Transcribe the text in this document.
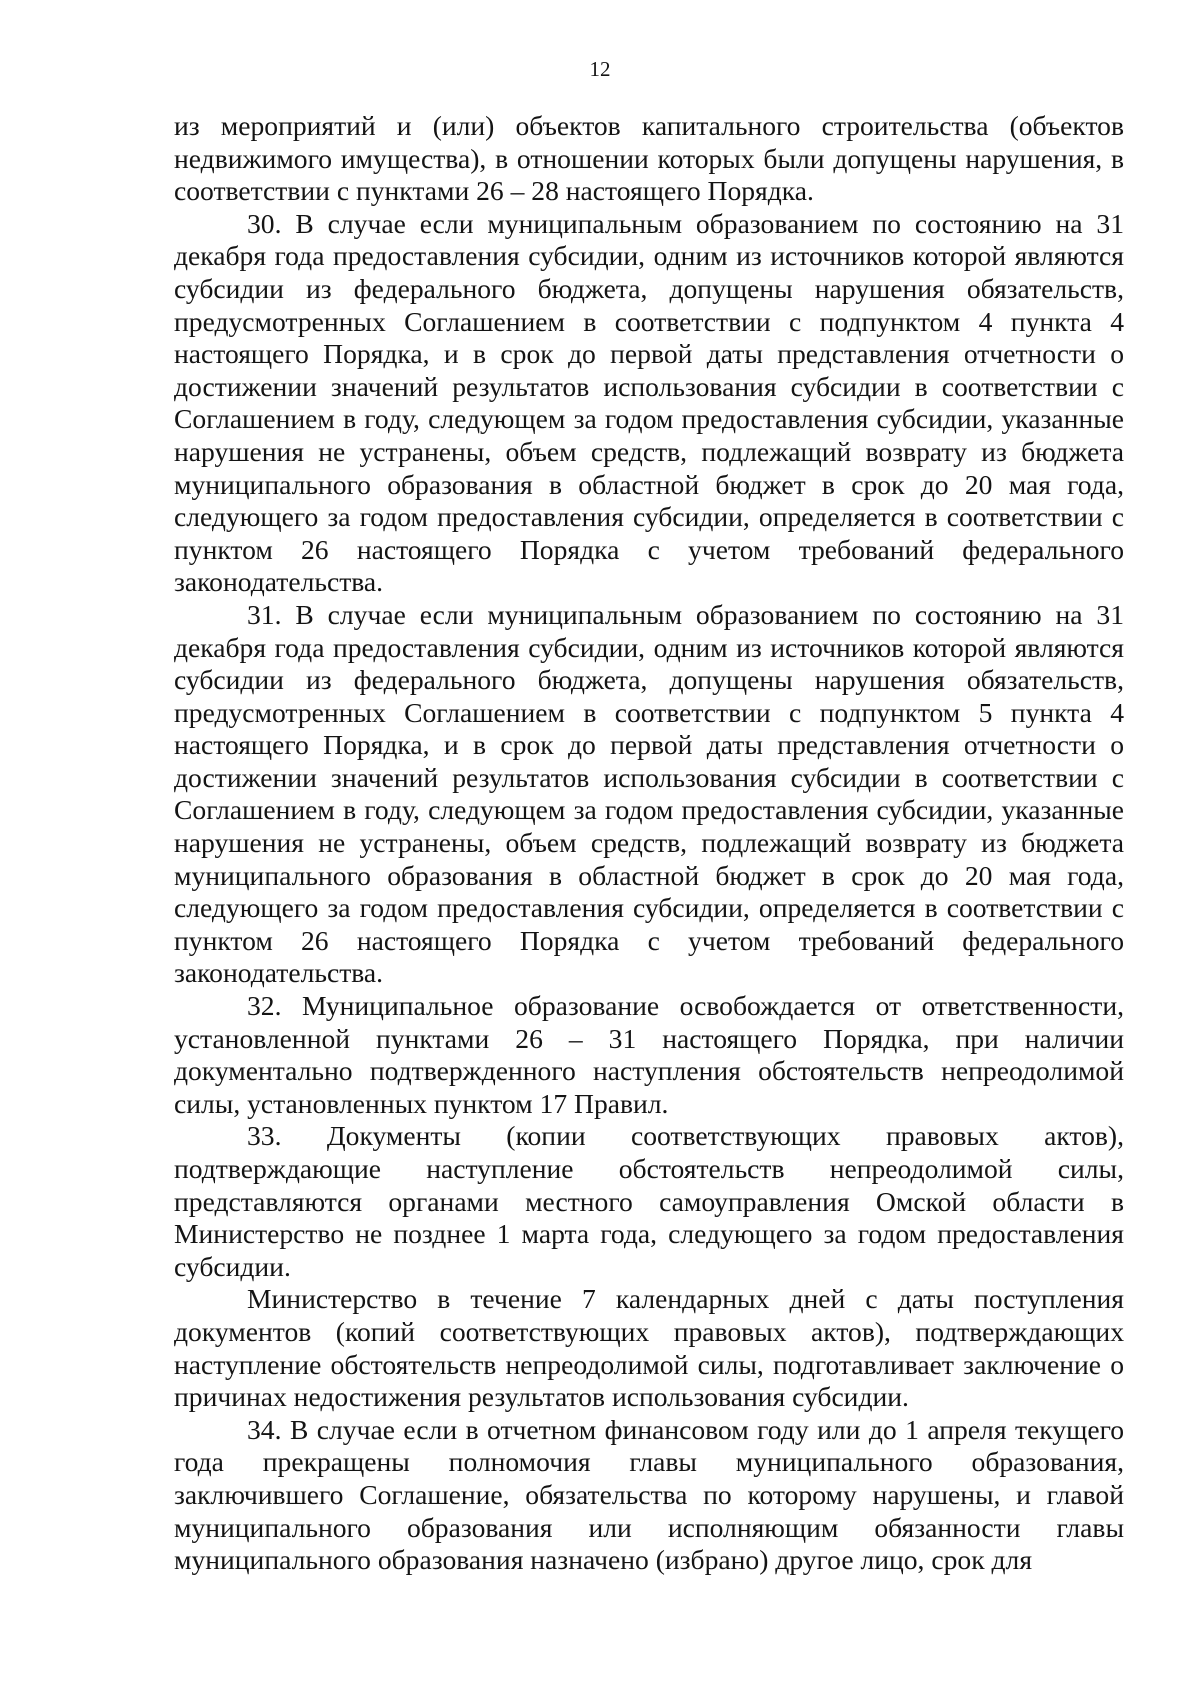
12

из мероприятий и (или) объектов капитального строительства (объектов недвижимого имущества), в отношении которых были допущены нарушения, в соответствии с пунктами 26 – 28 настоящего Порядка.

30. В случае если муниципальным образованием по состоянию на 31 декабря года предоставления субсидии, одним из источников которой являются субсидии из федерального бюджета, допущены нарушения обязательств, предусмотренных Соглашением в соответствии с подпунктом 4 пункта 4 настоящего Порядка, и в срок до первой даты представления отчетности о достижении значений результатов использования субсидии в соответствии с Соглашением в году, следующем за годом предоставления субсидии, указанные нарушения не устранены, объем средств, подлежащий возврату из бюджета муниципального образования в областной бюджет в срок до 20 мая года, следующего за годом предоставления субсидии, определяется в соответствии с пунктом 26 настоящего Порядка с учетом требований федерального законодательства.

31. В случае если муниципальным образованием по состоянию на 31 декабря года предоставления субсидии, одним из источников которой являются субсидии из федерального бюджета, допущены нарушения обязательств, предусмотренных Соглашением в соответствии с подпунктом 5 пункта 4 настоящего Порядка, и в срок до первой даты представления отчетности о достижении значений результатов использования субсидии в соответствии с Соглашением в году, следующем за годом предоставления субсидии, указанные нарушения не устранены, объем средств, подлежащий возврату из бюджета муниципального образования в областной бюджет в срок до 20 мая года, следующего за годом предоставления субсидии, определяется в соответствии с пунктом 26 настоящего Порядка с учетом требований федерального законодательства.

32. Муниципальное образование освобождается от ответственности, установленной пунктами 26 – 31 настоящего Порядка, при наличии документально подтвержденного наступления обстоятельств непреодолимой силы, установленных пунктом 17 Правил.

33. Документы (копии соответствующих правовых актов), подтверждающие наступление обстоятельств непреодолимой силы, представляются органами местного самоуправления Омской области в Министерство не позднее 1 марта года, следующего за годом предоставления субсидии.

Министерство в течение 7 календарных дней с даты поступления документов (копий соответствующих правовых актов), подтверждающих наступление обстоятельств непреодолимой силы, подготавливает заключение о причинах недостижения результатов использования субсидии.

34. В случае если в отчетном финансовом году или до 1 апреля текущего года прекращены полномочия главы муниципального образования, заключившего Соглашение, обязательства по которому нарушены, и главой муниципального образования или исполняющим обязанности главы муниципального образования назначено (избрано) другое лицо, срок для
